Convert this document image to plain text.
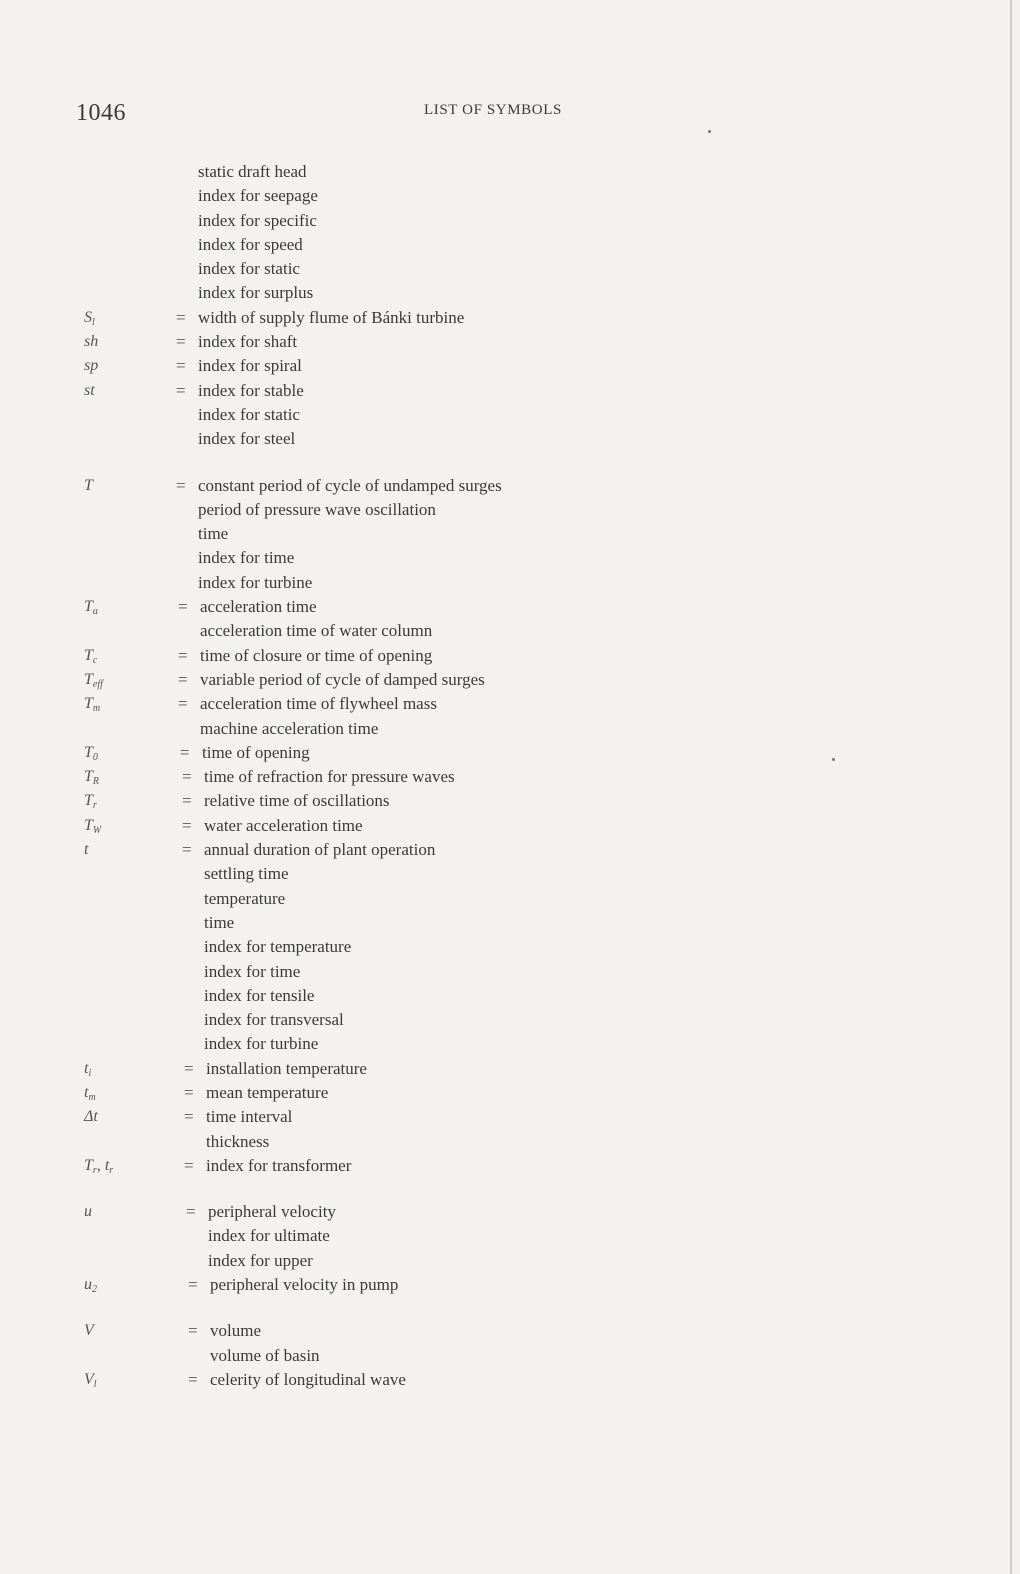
1046	LIST OF SYMBOLS
static draft head
index for seepage
index for specific
index for speed
index for static
index for surplus
$S_l$	= width of supply flume of Bánki turbine
sh	= index for shaft
sp	= index for spiral
st	= index for stable
index for static
index for steel
T	= constant period of cycle of undamped surges
period of pressure wave oscillation
time
index for time
index for turbine
$T_a$	= acceleration time
acceleration time of water column
$T_c$	= time of closure or time of opening
$T_{eff}$	= variable period of cycle of damped surges
$T_m$	= acceleration time of flywheel mass
machine acceleration time
$T_0$	= time of opening
$T_R$	= time of refraction for pressure waves
$T_r$	= relative time of oscillations
$T_W$	= water acceleration time
t	= annual duration of plant operation
settling time
temperature
time
index for temperature
index for time
index for tensile
index for transversal
index for turbine
$t_i$	= installation temperature
$t_m$	= mean temperature
Δt	= time interval
thickness
$T_r$, $t_r$	= index for transformer
u	= peripheral velocity
index for ultimate
index for upper
$u_2$	= peripheral velocity in pump
V	= volume
volume of basin
$V_l$	= celerity of longitudinal wave
